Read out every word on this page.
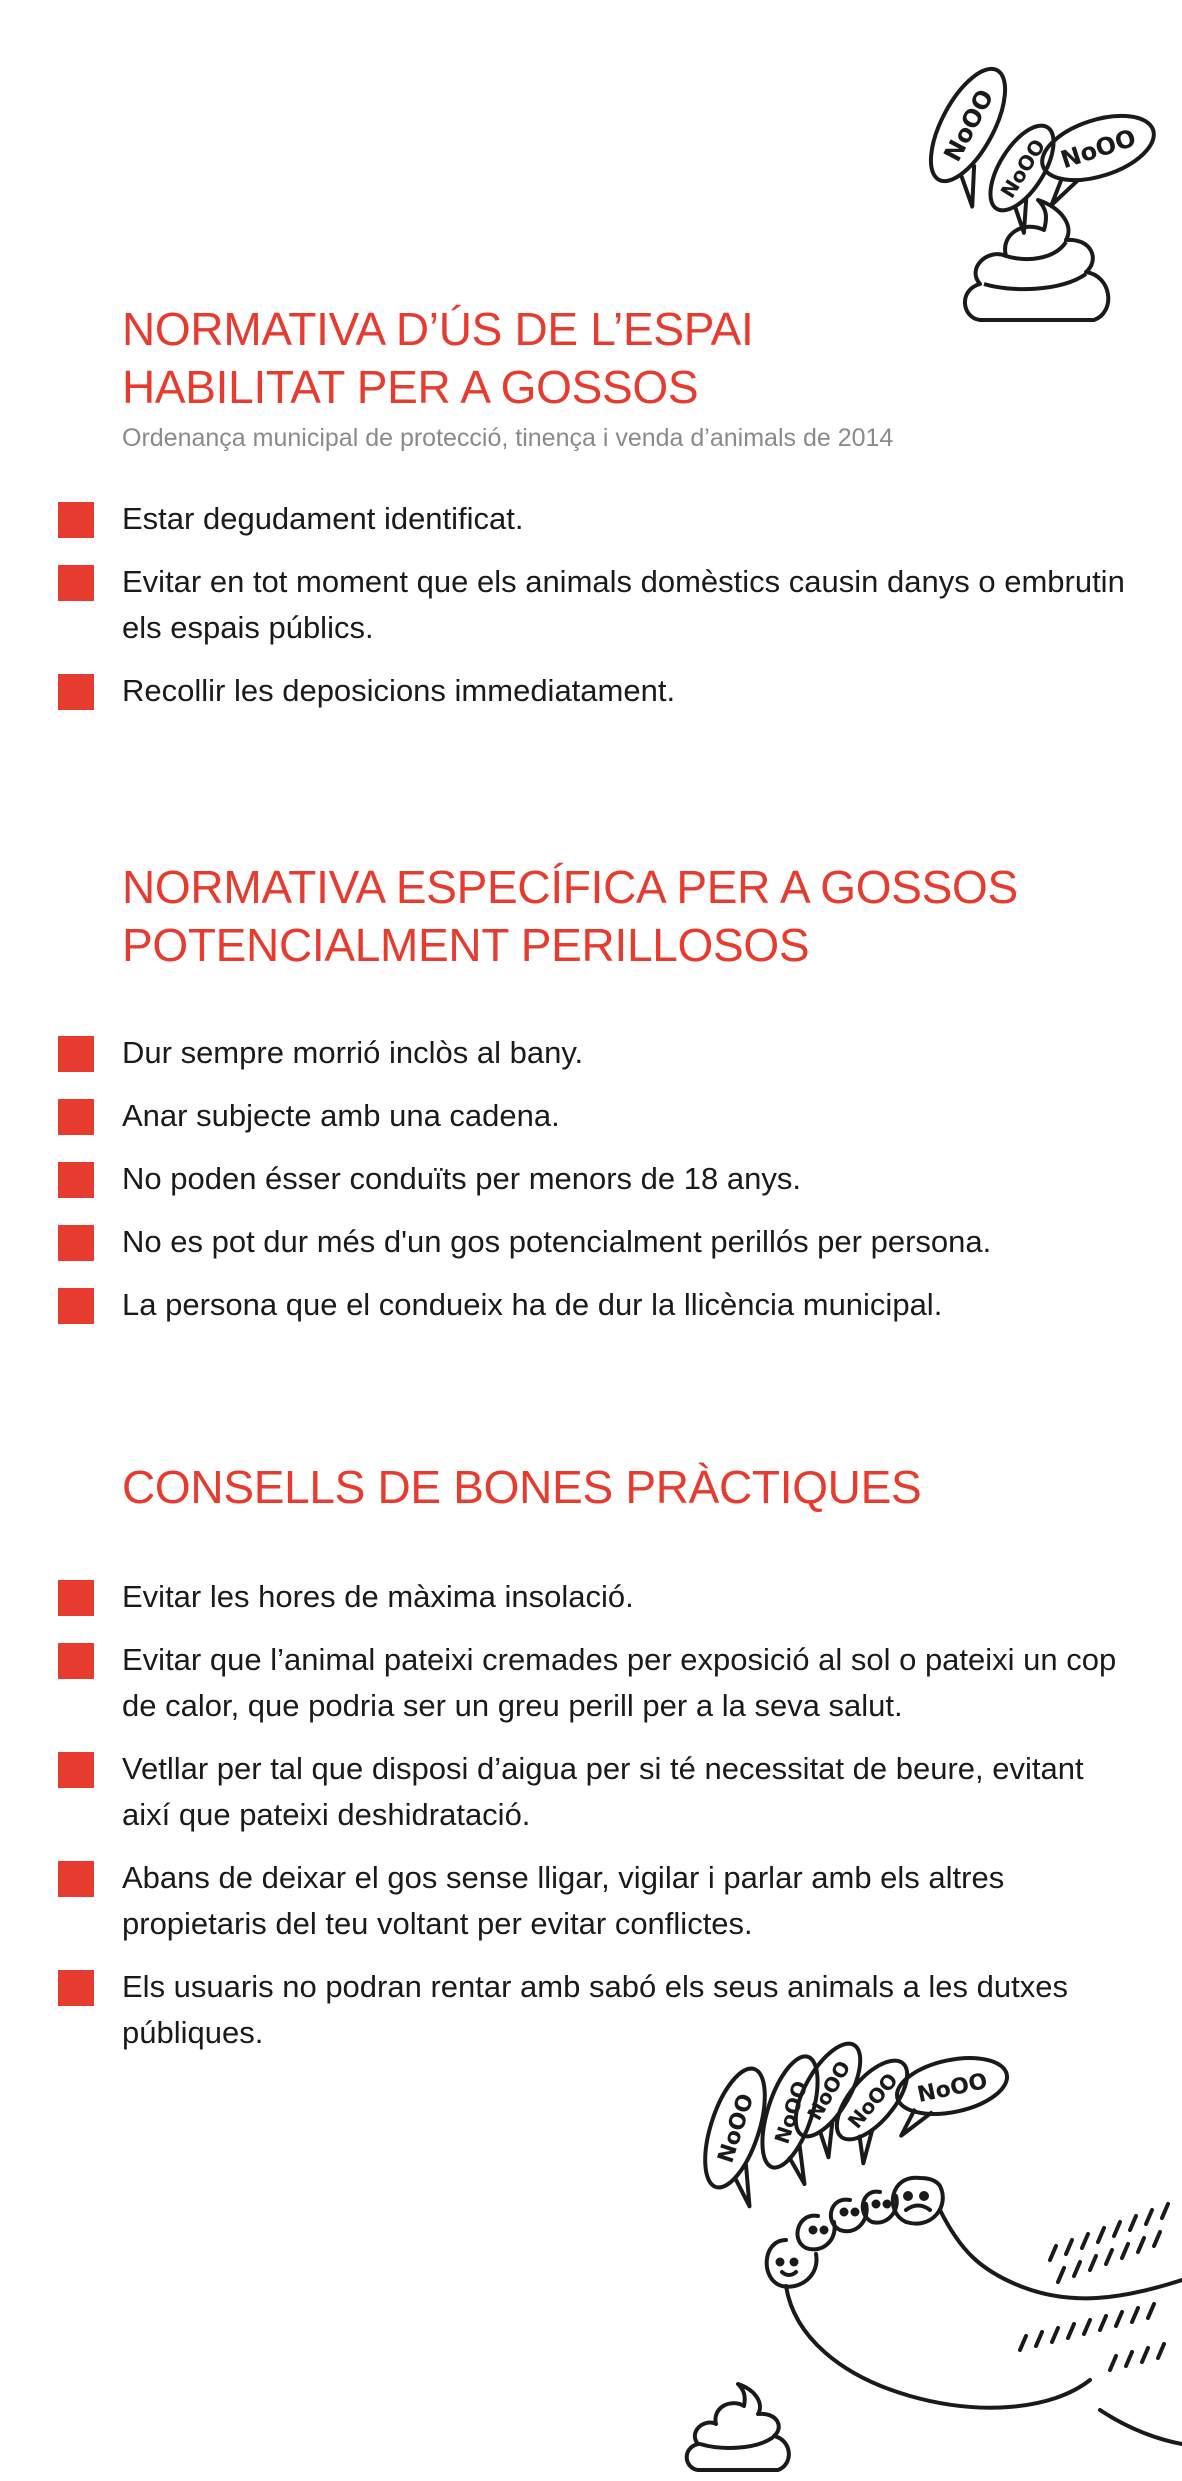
NoOO
NoOO NoOO
NORMATIVA D’ÚS DE L’ESPAI
HABILITAT PER A GOSSOS

Ordenança municipal de protecció, tinença i venda d’animals de 2014

Estar degudament identificat.
Evitar en tot moment que els animals domèstics causin danys o embrutin els espais públics.
Recollir les deposicions immediatament.
NORMATIVA ESPECÍFICA PER A GOSSOS
POTENCIALMENT PERILLOSOS
Dur sempre morrió inclòs al bany.
Anar subjecte amb una cadena.
No poden ésser conduïts per menors de 18 anys.
No es pot dur més d'un gos potencialment perillós per persona.
La persona que el condueix ha de dur la llicència municipal.
CONSELLS DE BONES PRÀCTIQUES
Evitar les hores de màxima insolació.
Evitar que l’animal pateixi cremades per exposició al sol o pateixi un cop de calor, que podria ser un greu perill per a la seva salut.
Vetllar per tal que disposi d’aigua per si té necessitat de beure, evitant així que pateixi deshidratació.
Abans de deixar el gos sense lligar, vigilar i parlar amb els altres propietaris del teu voltant per evitar conflictes.
Els usuaris no podran rentar amb sabó els seus animals a les dutxes públiques.
NoOO NoOO
NoOO
NoOO NoOO
